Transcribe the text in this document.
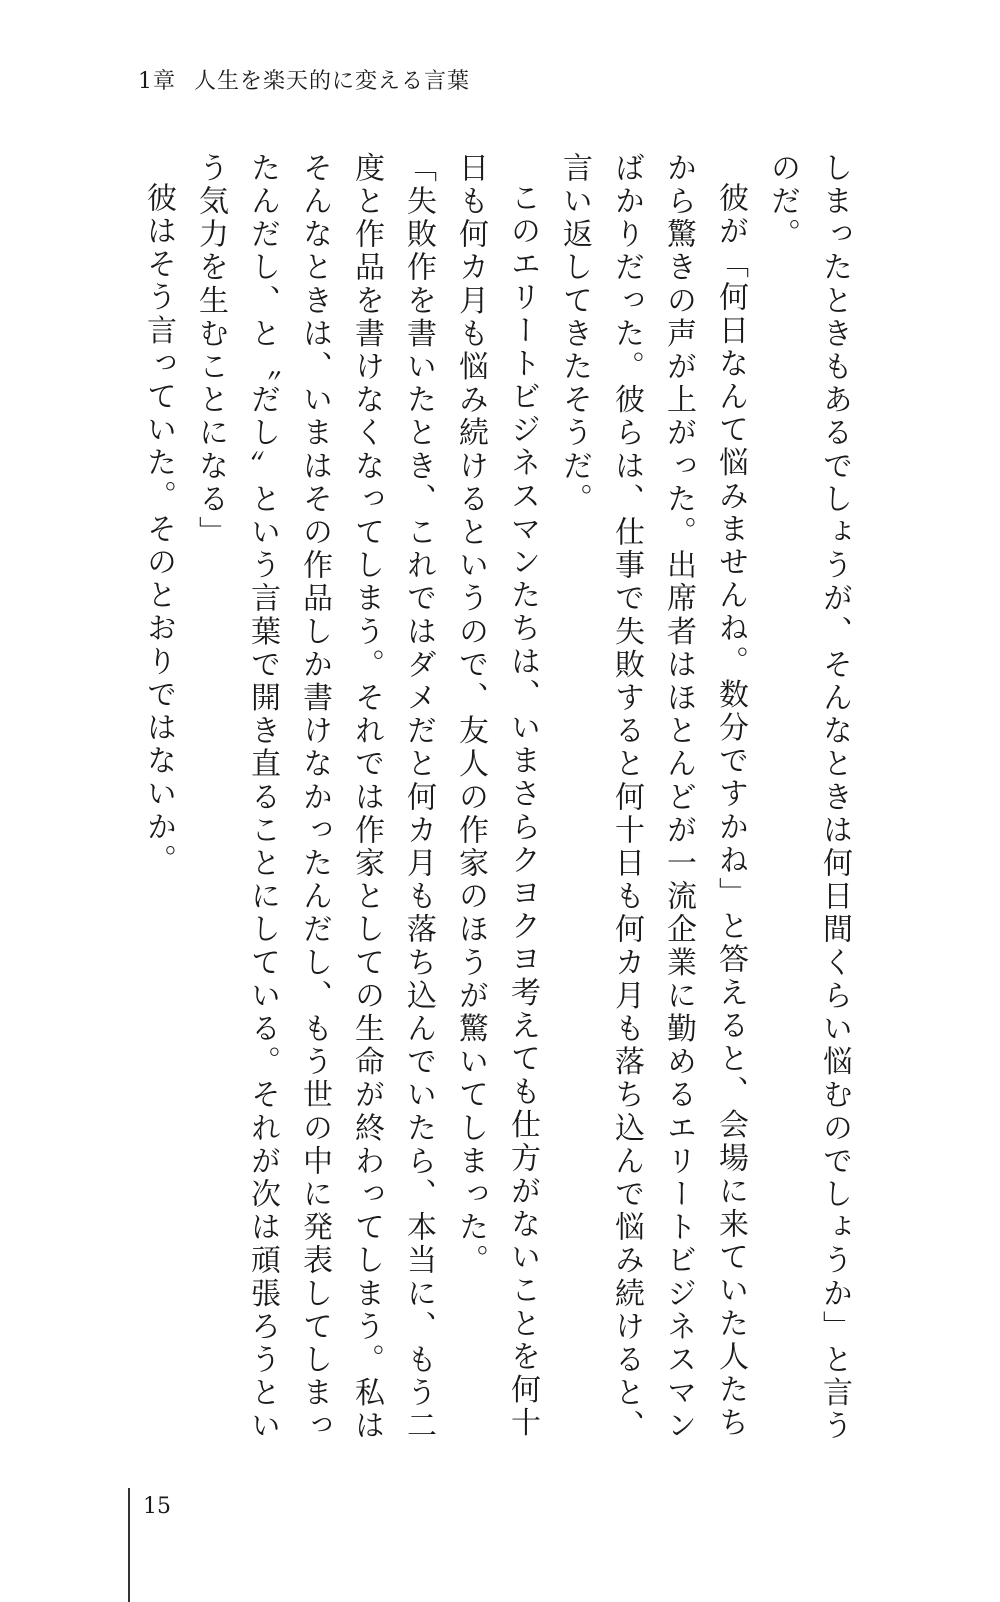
1章 人生を楽天的に変える言葉

しまったときもあるでしょうが、そんなときは何日間くらい悩むのでしょうか」と言うのだ。

彼が「何日なんて悩みませんね。数分ですかね」と答えると、会場に来ていた人たちから驚きの声が上がった。出席者はほとんどが一流企業に勤めるエリートビジネスマンばかりだった。彼らは、仕事で失敗すると何十日も何カ月も落ち込んで悩み続けると、言い返してきたそうだ。

このエリートビジネスマンたちは、いまさらクヨクヨ考えても仕方がないことを何十日も何カ月も悩み続けるというので、友人の作家のほうが驚いてしまった。

「失敗作を書いたとき、これではダメだと何カ月も落ち込んでいたら、本当に、もう二度と作品を書けなくなってしまう。それでは作家としての生命が終わってしまう。私はそんなときは、いまはその作品しか書けなかったんだし、もう世の中に発表してしまったんだし、と〝だし〟という言葉で開き直ることにしている。それが次は頑張ろうという気力を生むことになる」

彼はそう言っていた。そのとおりではないか。

15
